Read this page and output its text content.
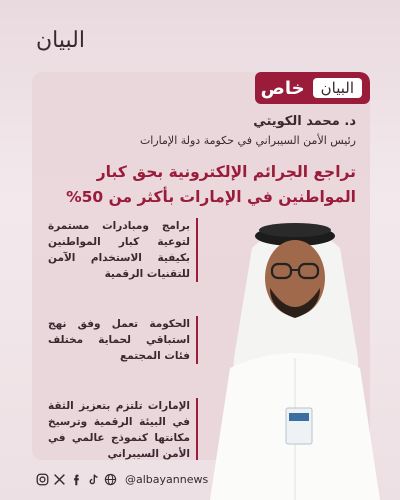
البيان
البيان
خاص
د. محمد الكويتي
رئيس الأمن السيبراني في حكومة دولة الإمارات
تراجع الجرائم الإلكترونية بحق كبار المواطنين في الإمارات بأكثر من 50%
برامج ومبادرات مستمرة لتوعية كبار المواطنين بكيفية الاستخدام الآمن للتقنيات الرقمية
الحكومة تعمل وفق نهج استباقي لحماية مختلف فئات المجتمع
الإمارات تلتزم بتعزيز الثقة في البيئة الرقمية وترسيخ مكانتها كنموذج عالمي في الأمن السيبراني
@albayannews
